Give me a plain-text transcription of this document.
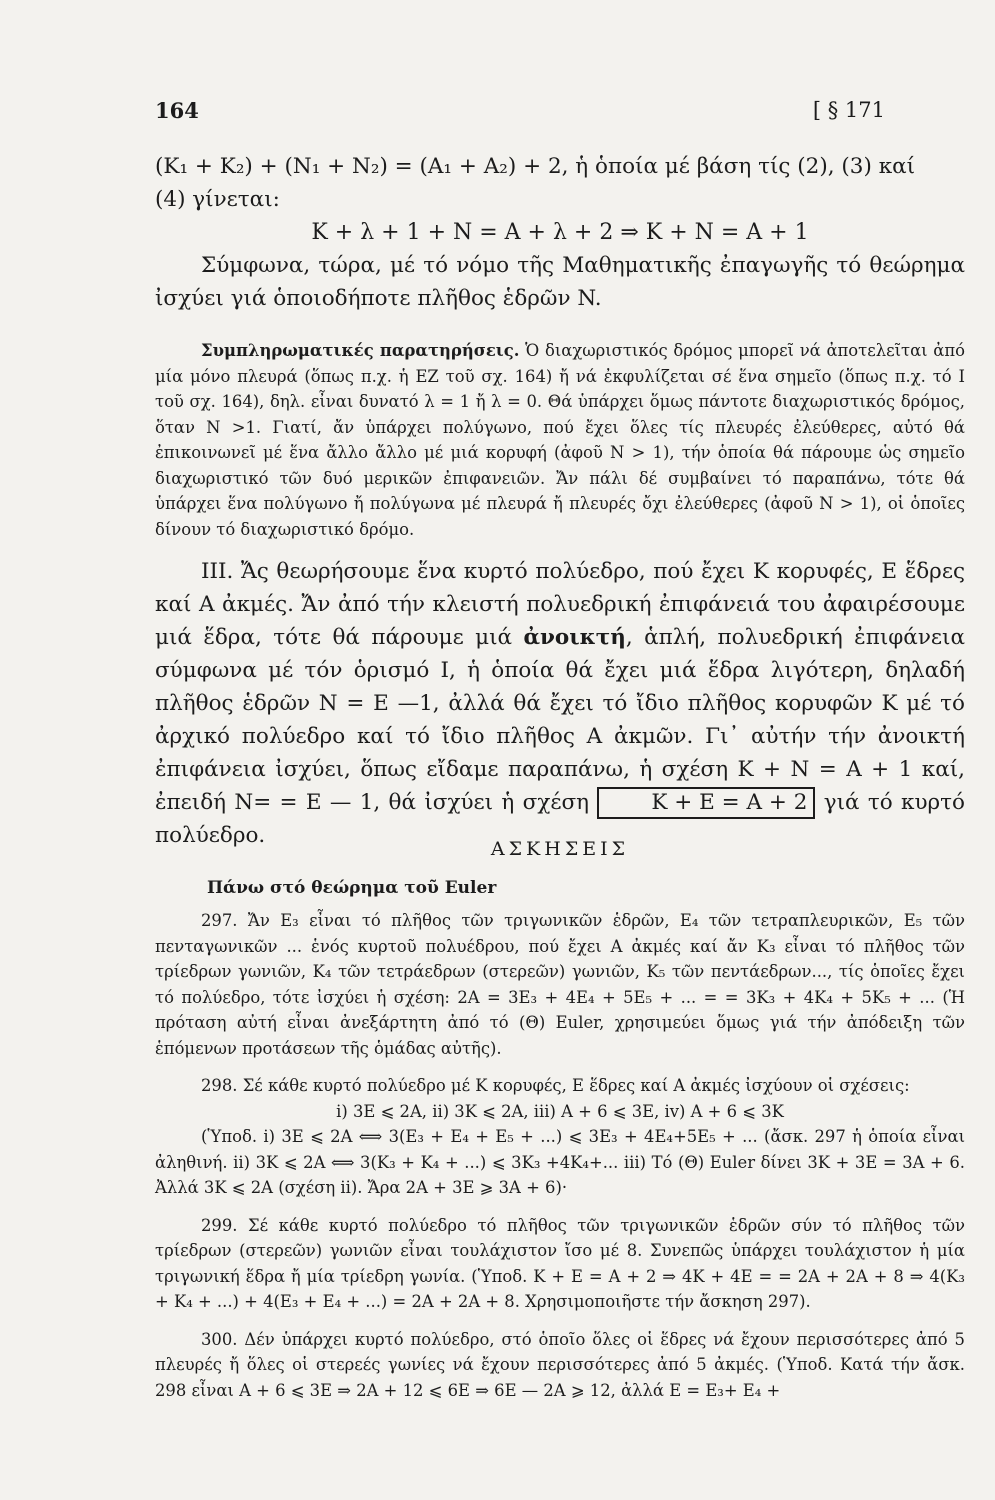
164	[ § 171

(K₁ + K₂) + (N₁ + N₂) = (A₁ + A₂) + 2, ἡ ὁποία μέ βάση τίς (2), (3) καί

(4) γίνεται:

K + λ + 1 + N = A + λ + 2 ⇒ K + N = A + 1

Σύμφωνα, τώρα, μέ τό νόμο τῆς Μαθηματικῆς ἐπαγωγῆς τό θεώρημα ἰσχύει γιά ὁποιοδήποτε πλῆθος ἑδρῶν N.

Συμπληρωματικές παρατηρήσεις. Ὁ διαχωριστικός δρόμος μπορεῖ νά ἀποτελεῖται ἀπό μία μόνο πλευρά (ὅπως π.χ. ἡ ΕΖ τοῦ σχ. 164) ἤ νά ἐκφυλίζεται σέ ἕνα σημεῖο (ὅπως π.χ. τό Ι τοῦ σχ. 164), δηλ. εἶναι δυνατό λ = 1 ἤ λ = 0. Θά ὑπάρχει ὅμως πάντοτε διαχωριστικός δρόμος, ὅταν N >1. Γιατί, ἄν ὑπάρχει πολύγωνο, πού ἔχει ὅλες τίς πλευρές ἐλεύθερες, αὐτό θά ἐπικοινωνεῖ μέ ἕνα ἄλλο ἄλλο μέ μιά κορυφή (ἀφοῦ N > 1), τήν ὁποία θά πάρουμε ὡς σημεῖο διαχωριστικό τῶν δυό μερικῶν ἐπιφανειῶν. Ἄν πάλι δέ συμβαίνει τό παραπάνω, τότε θά ὑπάρχει ἕνα πολύγωνο ἤ πολύγωνα μέ πλευρά ἤ πλευρές ὄχι ἐλεύθερες (ἀφοῦ N > 1), οἱ ὁποῖες δίνουν τό διαχωριστικό δρόμο.

III. Ἄς θεωρήσουμε ἕνα κυρτό πολύεδρο, πού ἔχει K κορυφές, E ἕδρες καί A ἀκμές. Ἄν ἀπό τήν κλειστή πολυεδρική ἐπιφάνειά του ἀφαιρέσουμε μιά ἕδρα, τότε θά πάρουμε μιά ἀνοικτή, ἁπλή, πολυεδρική ἐπιφάνεια σύμφωνα μέ τόν ὁρισμό I, ἡ ὁποία θά ἔχει μιά ἕδρα λιγότερη, δηλαδή πλῆθος ἑδρῶν N = E —1, ἀλλά θά ἔχει τό ἴδιο πλῆθος κορυφῶν K μέ τό ἀρχικό πολύεδρο καί τό ἴδιο πλῆθος A ἀκμῶν. Γι᾿ αὐτήν τήν ἀνοικτή ἐπιφάνεια ἰσχύει, ὅπως εἴδαμε παραπάνω, ἡ σχέση K + N = A + 1 καί, ἐπειδή N= = E — 1, θά ἰσχύει ἡ σχέση	K + E = A + 2 γιά τό κυρτό πολύεδρο.

ΑΣΚΗΣΕΙΣ

Πάνω στό θεώρημα τοῦ Euler

297. Ἄν E₃ εἶναι τό πλῆθος τῶν τριγωνικῶν ἑδρῶν, E₄ τῶν τετραπλευρικῶν, E₅ τῶν πενταγωνικῶν ... ἑνός κυρτοῦ πολυέδρου, πού ἔχει A ἀκμές καί ἄν K₃ εἶναι τό πλῆθος τῶν τρίεδρων γωνιῶν, K₄ τῶν τετράεδρων (στερεῶν) γωνιῶν, K₅ τῶν πεντάεδρων..., τίς ὁποῖες ἔχει τό πολύεδρο, τότε ἰσχύει ἡ σχέση: 2A = 3E₃ + 4E₄ + 5E₅ + ... = = 3K₃ + 4K₄ + 5K₅ + ... (Ἡ πρόταση αὐτή εἶναι ἀνεξάρτητη ἀπό τό (Θ) Euler, χρησιμεύει ὅμως γιά τήν ἀπόδειξη τῶν ἑπόμενων προτάσεων τῆς ὁμάδας αὐτῆς).

298. Σέ κάθε κυρτό πολύεδρο μέ K κορυφές, E ἕδρες καί A ἀκμές ἰσχύουν οἱ σχέσεις:

i) 3E ⩽ 2A, ii) 3K ⩽ 2A, iii) A + 6 ⩽ 3E, iv) A + 6 ⩽ 3K

(Ὑποδ. i) 3E ⩽ 2A ⟺ 3(E₃ + E₄ + E₅ + ...) ⩽ 3E₃ + 4E₄+5E₅ + ... (ἄσκ. 297 ἡ ὁποία εἶναι ἀληθινή. ii) 3K ⩽ 2A ⟺ 3(K₃ + K₄ + ...) ⩽ 3K₃ +4K₄+... iii) Τό (Θ) Euler δίνει 3K + 3E = 3A + 6. Ἀλλά 3K ⩽ 2A (σχέση ii). Ἄρα 2A + 3E ⩾ 3A + 6)·

299. Σέ κάθε κυρτό πολύεδρο τό πλῆθος τῶν τριγωνικῶν ἑδρῶν σύν τό πλῆθος τῶν τρίεδρων (στερεῶν) γωνιῶν εἶναι τουλάχιστον ἴσο μέ 8. Συνεπῶς ὑπάρχει τουλάχιστον ἡ μία τριγωνική ἕδρα ἤ μία τρίεδρη γωνία. (Ὑποδ. K + E = A + 2 ⇒ 4K + 4E = = 2A + 2A + 8 ⇒ 4(K₃ + K₄ + ...) + 4(E₃ + E₄ + ...) = 2A + 2A + 8. Χρησιμοποιῆστε τήν ἄσκηση 297).

300. Δέν ὑπάρχει κυρτό πολύεδρο, στό ὁποῖο ὅλες οἱ ἕδρες νά ἔχουν περισσότερες ἀπό 5 πλευρές ἤ ὅλες οἱ στερεές γωνίες νά ἔχουν περισσότερες ἀπό 5 ἀκμές. (Ὑποδ. Κατά τήν ἄσκ. 298 εἶναι A + 6 ⩽ 3E ⇒ 2A + 12 ⩽ 6E ⇒ 6E — 2A ⩾ 12, ἀλλά E = E₃+ E₄ +
